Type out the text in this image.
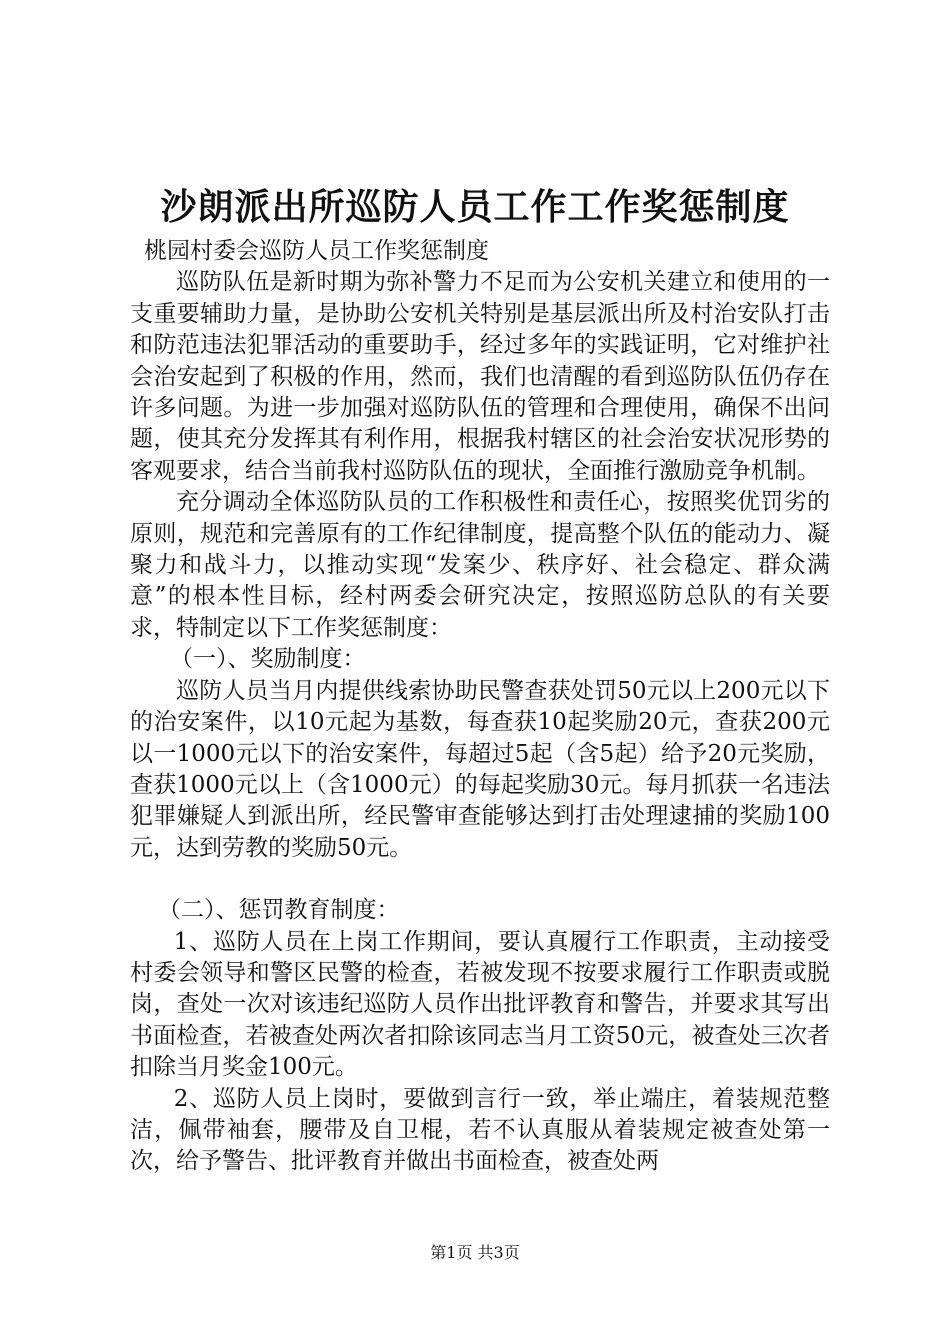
沙朗派出所巡防人员工作工作奖惩制度

桃园村委会巡防人员工作奖惩制度

巡防队伍是新时期为弥补警力不足而为公安机关建立和使用的一支重要辅助力量，是协助公安机关特别是基层派出所及村治安队打击和防范违法犯罪活动的重要助手，经过多年的实践证明，它对维护社会治安起到了积极的作用，然而，我们也清醒的看到巡防队伍仍存在许多问题。为进一步加强对巡防队伍的管理和合理使用，确保不出问题，使其充分发挥其有利作用，根据我村辖区的社会治安状况形势的客观要求，结合当前我村巡防队伍的现状，全面推行激励竞争机制。

充分调动全体巡防队员的工作积极性和责任心，按照奖优罚劣的原则，规范和完善原有的工作纪律制度，提高整个队伍的能动力、凝聚力和战斗力，以推动实现“发案少、秩序好、社会稳定、群众满意”的根本性目标，经村两委会研究决定，按照巡防总队的有关要求，特制定以下工作奖惩制度：

（一）、奖励制度：

巡防人员当月内提供线索协助民警查获处罚50元以上200元以下的治安案件，以10元起为基数，每查获10起奖励20元，查获200元以一1000元以下的治安案件，每超过5起（含5起）给予20元奖励，查获1000元以上（含1000元）的每起奖励30元。每月抓获一名违法犯罪嫌疑人到派出所，经民警审查能够达到打击处理逮捕的奖励100元，达到劳教的奖励50元。

（二）、惩罚教育制度：

1、巡防人员在上岗工作期间，要认真履行工作职责，主动接受村委会领导和警区民警的检查，若被发现不按要求履行工作职责或脱岗，查处一次对该违纪巡防人员作出批评教育和警告，并要求其写出书面检查，若被查处两次者扣除该同志当月工资50元，被查处三次者扣除当月奖金100元。

2、巡防人员上岗时，要做到言行一致，举止端庄，着装规范整洁，佩带袖套，腰带及自卫棍，若不认真服从着装规定被查处第一次，给予警告、批评教育并做出书面检查，被查处两

第1页 共3页
